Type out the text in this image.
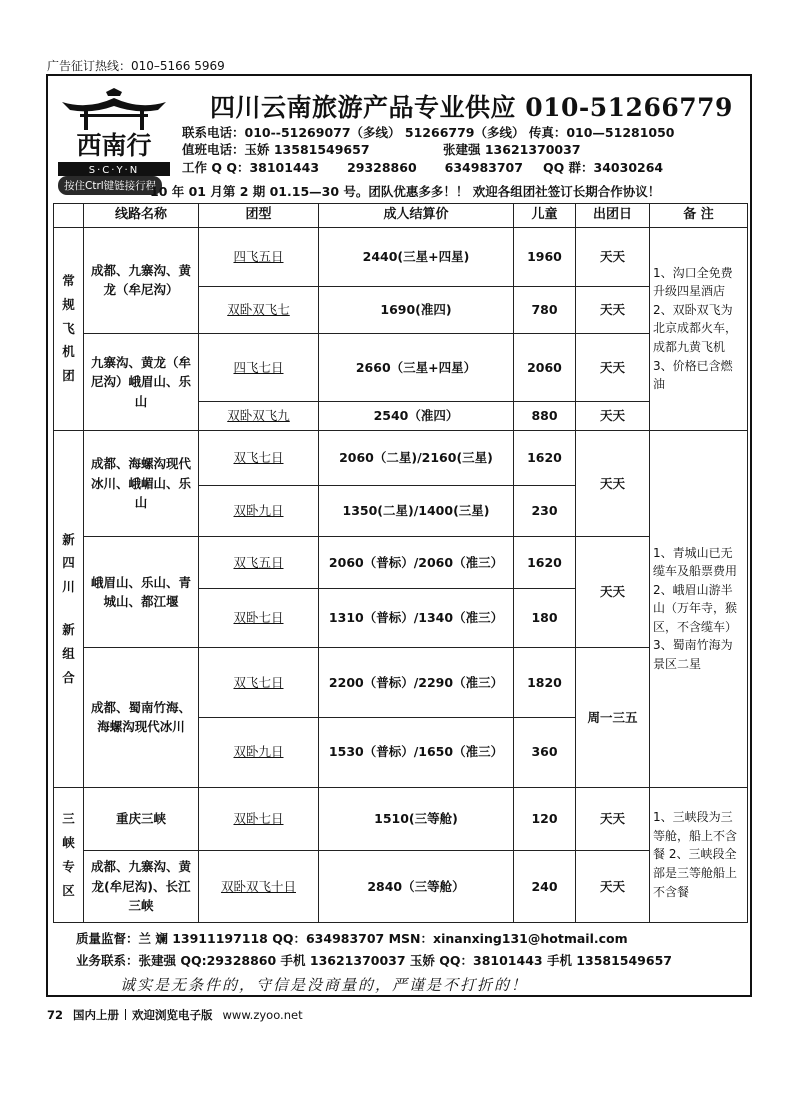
广告征订热线：010–5166 5969
西南行
S·C·Y·N
四川云南旅游产品专业供应 010-51266779
联系电话：010--51269077（多线） 51266779（多线） 传真：010—51281050
值班电话：玉娇 13581549657	张建强 13621370037
工作 Q Q：38101443 29328860 634983707 QQ 群：34030264
按住Ctrl键链接行程
10 年 01 月第 2 期 01.15—30 号。团队优惠多多！！ 欢迎各组团社签订长期合作协议！
	线路名称	团型	成人结算价	儿童	出团日	备 注

常规飞机团	成都、九寨沟、黄龙（牟尼沟）	四飞五日	2440(三星+四星)	1960	天天	1、沟口全免费升级四星酒店 2、双卧双飞为北京成都火车，成都九黄飞机 3、价格已含燃油
		双卧双飞七	1690(准四)	780	天天	
	九寨沟、黄龙（牟尼沟）峨眉山、乐山	四飞七日	2660（三星+四星）	2060	天天	
		双卧双飞九	2540（准四）	880	天天	

新四川

新组合	成都、海螺沟现代冰川、峨嵋山、乐山	双飞七日	2060（二星)/2160(三星)	1620	天天	1、青城山已无缆车及船票费用 2、峨眉山游半山（万年寺，猴区，不含缆车） 3、蜀南竹海为景区二星
		双卧九日	1350(二星)/1400(三星)	230		
	峨眉山、乐山、青城山、都江堰	双飞五日	2060（普标）/2060（准三）	1620	天天	
		双卧七日	1310（普标）/1340（准三）	180		
	成都、蜀南竹海、海螺沟现代冰川	双飞七日	2200（普标）/2290（准三）	1820	周一三五	
		双卧九日	1530（普标）/1650（准三）	360		

三峡专区	重庆三峡	双卧七日	1510(三等舱)	120	天天	1、三峡段为三等舱，船上不含餐 2、三峡段全部是三等舱船上不含餐
	成都、九寨沟、黄龙(牟尼沟)、长江三峡	双卧双飞十日	2840（三等舱）	240	天天	
质量监督：兰 斓 13911197118 QQ：634983707 MSN：xinanxing131@hotmail.com
业务联系：张建强 QQ:29328860 手机 13621370037 玉娇 QQ：38101443 手机 13581549657
诚实是无条件的，守信是没商量的，严谨是不打折的！
72 国内上册 欢迎浏览电子版 www.zyoo.net
